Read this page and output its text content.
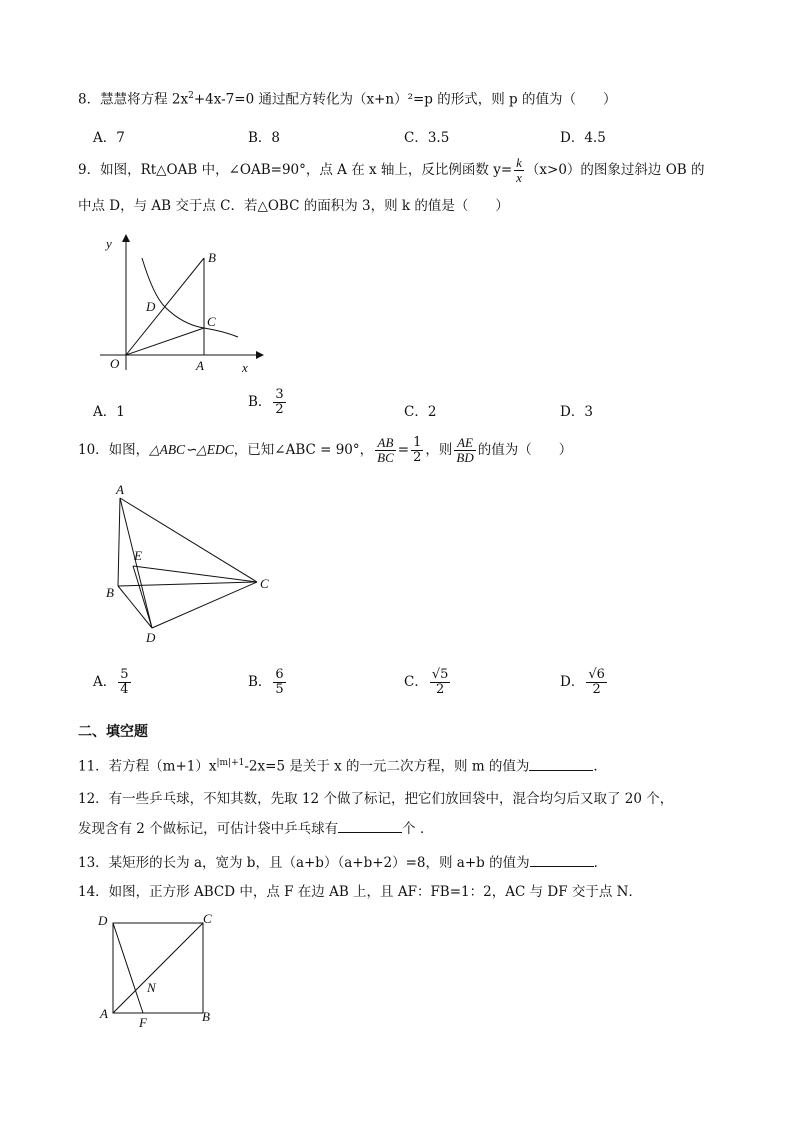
8．慧慧将方程 $2x^2+4x-7=0$ 通过配方转化为（x+n）²=p 的形式，则 p 的值为（　　）
A．7	B．8	C．3.5	D．4.5
9．如图，Rt△OAB 中，∠OAB=90°，点 A 在 x 轴上，反比例函数 $y= \frac{k}{x} (x>0)$的图象过斜边 OB 的
中点 D，与 AB 交于点 C．若△OBC 的面积为 3，则 k 的值是（　　）
y
x
O	A
B
C
D
A．1
B． $\frac{3}{2}$	C．2	D．3
10．如图，△ABC∽△EDC，已知∠ABC = 90°， $\frac{AB}{BC} = \frac{1}{2}$ ，则 $\frac{AE}{BD}$ 的值为（　　）
A
E
B
C
D
A． $\frac{5}{4}$	B． $\frac{6}{5}$	C． $\frac{√5}{2}$	D． $\frac{√6}{2}$
二、填空题
11．若方程$(m+1)x^{|m|+1}-2x=5$ 是关于 x 的一元二次方程，则 m 的值为	．
12．有一些乒乓球，不知其数，先取 12 个做了标记，把它们放回袋中，混合均匀后又取了 20 个，
发现含有 2 个做标记，可估计袋中乒乓球有	个 ．
13．某矩形的长为 a，宽为 b，且（a+b）（a+b+2）=8，则 a+b 的值为	．
14．如图，正方形 ABCD 中，点 F 在边 AB 上，且 AF：FB=1：2，AC 与 DF 交于点 N．
D	C
A	B
F
N
